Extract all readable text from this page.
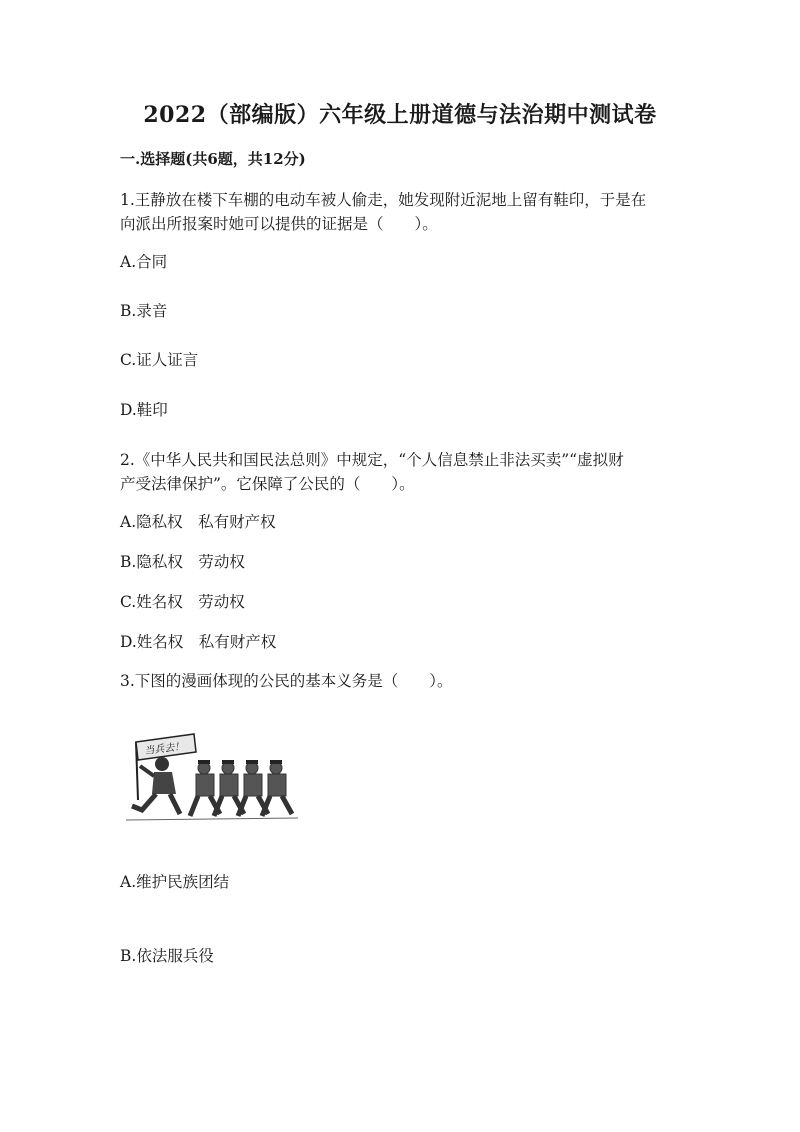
2022（部编版）六年级上册道德与法治期中测试卷
一.选择题(共6题，共12分)
1.王静放在楼下车棚的电动车被人偷走，她发现附近泥地上留有鞋印，于是在
向派出所报案时她可以提供的证据是（　　）。
A.合同
B.录音
C.证人证言
D.鞋印
2.《中华人民共和国民法总则》中规定，“个人信息禁止非法买卖”“虚拟财
产受法律保护”。它保障了公民的（　　）。
A.隐私权　私有财产权
B.隐私权　劳动权
C.姓名权　劳动权
D.姓名权　私有财产权
3.下图的漫画体现的公民的基本义务是（　　）。
当兵去！
A.维护民族团结
B.依法服兵役
